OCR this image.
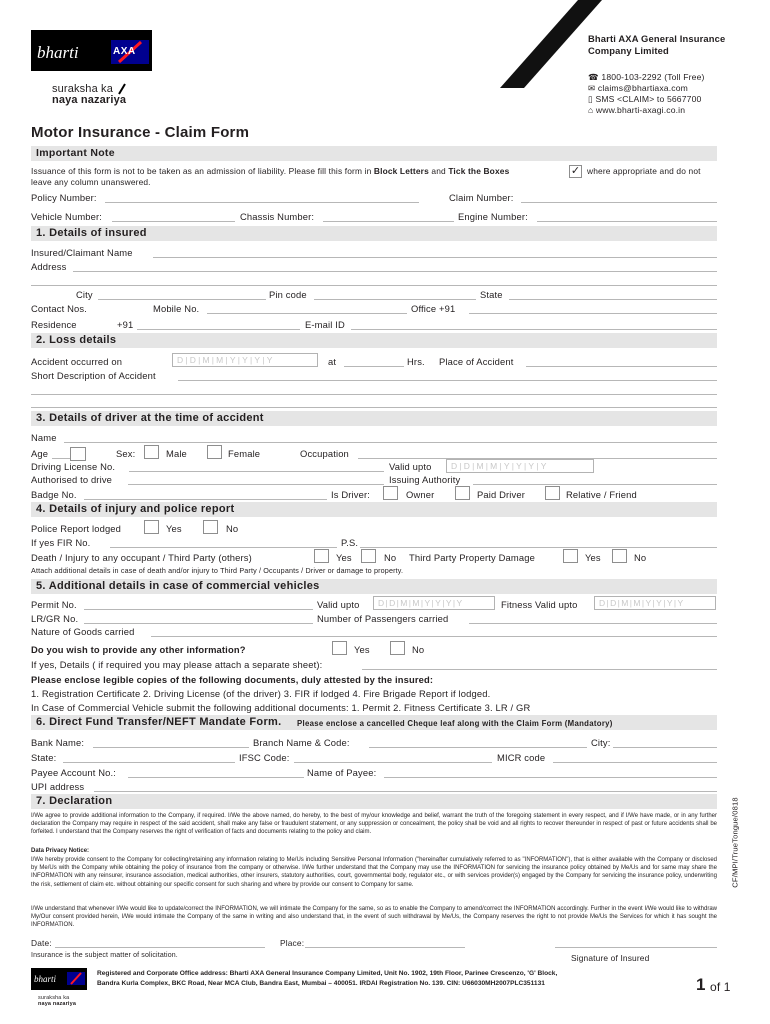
bharti	AXA
suraksha ka
naya nazariya
Bharti AXA General Insurance
Company Limited
☎ 1800-103-2292 (Toll Free)
✉ claims@bhartiaxa.com
▯ SMS <CLAIM> to 5667700
⌂ www.bharti-axagi.co.in
Motor Insurance - Claim Form
Important Note
Issuance of this form is not to be taken as an admission of liability. Please fill this form in Block Letters and Tick the Boxes	✓ where appropriate and do not
leave any column unanswered.
Policy Number:	Claim Number:
Vehicle Number:	Chassis Number:	Engine Number:
1. Details of insured
Insured/Claimant Name
Address
City	Pin code	State
Contact Nos.	Mobile No.	Office +91
Residence	+91	E-mail ID
2. Loss details
Accident occurred on	D|D|M|M|Y|Y|Y|Y	at	Hrs. Place of Accident
Short Description of Accident
3. Details of driver at the time of accident
Name
Age	Sex:	Male	Female	Occupation
Driving License No.	Valid upto	D|D|M|M|Y|Y|Y|Y
Authorised to drive	Issuing Authority
Badge No.	Is Driver:	Owner	Paid Driver	Relative / Friend
4. Details of injury and police report
Police Report lodged	Yes	No
If yes FIR No.	P.S.
Death / Injury to any occupant / Third Party (others)	Yes	No Third Party Property Damage	Yes	No
Attach additional details in case of death and/or injury to Third Party / Occupants / Driver or damage to property.
5. Additional details in case of commercial vehicles
Permit No.	Valid upto	D|D|M|M|Y|Y|Y|Y	Fitness Valid upto	D|D|M|M|Y|Y|Y|Y
LR/GR No.	Number of Passengers carried
Nature of Goods carried
Do you wish to provide any other information?	Yes	No
If yes, Details ( if required you may please attach a separate sheet):
Please enclose legible copies of the following documents, duly attested by the insured:
1. Registration Certificate 2. Driving License (of the driver) 3. FIR if lodged 4. Fire Brigade Report if lodged.
In Case of Commercial Vehicle submit the following additional documents: 1. Permit 2. Fitness Certificate 3. LR / GR
6. Direct Fund Transfer/NEFT Mandate Form. Please enclose a cancelled Cheque leaf along with the Claim Form (Mandatory)
Bank Name:	Branch Name & Code:	City:
State:	IFSC Code:	MICR code
Payee Account No.:	Name of Payee:
UPI address
7. Declaration
I/We agree to provide additional information to the Company, if required. I/We the above named, do hereby, to the best of my/our knowledge and belief, warrant the truth of the foregoing statement in every respect, and if I/We have made, or in any further declaration the Company may require in respect of the said accident, shall make any false or fraudulent statement, or any suppression or concealment, the policy shall be void and all rights to recover thereunder in respect of past or future accidents shall be forfeited. I understand that the Company reserves the right of verification of facts and documents relating to the policy and claim.
Data Privacy Notice:
I/We hereby provide consent to the Company for collecting/retaining any information relating to Me/Us including Sensitive Personal Information ("hereinafter cumulatively referred to as "INFORMATION"), that is either available with the Company or disclosed by Me/Us with the Company while obtaining the policy of insurance from the company or otherwise. I/We further understand that the Company may use the INFORMATION for servicing the insurance policy obtained by Me/Us and for same may share the INFORMATION with any reinsurer, insurance association, medical authorities, other insurers, statutory authorities, court, governmental body, regulator etc., or with services provider(s) engaged by the Company for servicing the insurance policy, underwriting the risk, settlement of claim etc. without obtaining our specific consent for such sharing and where by provide our consent to Company for same.
I/We understand that whenever I/We would like to update/correct the INFORMATION, we will intimate the Company for the same, so as to enable the Company to amend/correct the INFORMATION accordingly. Further in the event I/We would like to withdraw My/Our consent provided herein, I/We would intimate the Company of the same in writing and also understand that, in the event of such withdrawal by Me/Us, the Company reserves the right to not provide Me/Us the Services for which it has sought the INFORMATION.
Date:	Place:
Insurance is the subject matter of solicitation.	Signature of Insured
CF/MPI/TrueTongue/0818
bharti
suraksha ka
naya nazariya
Registered and Corporate Office address: Bharti AXA General Insurance Company Limited, Unit No. 1902, 19th Floor, Parinee Crescenzo, 'G' Block,
Bandra Kurla Complex, BKC Road, Near MCA Club, Bandra East, Mumbai – 400051. IRDAI Registration No. 139. CIN: U66030MH2007PLC351131	1 of 1
